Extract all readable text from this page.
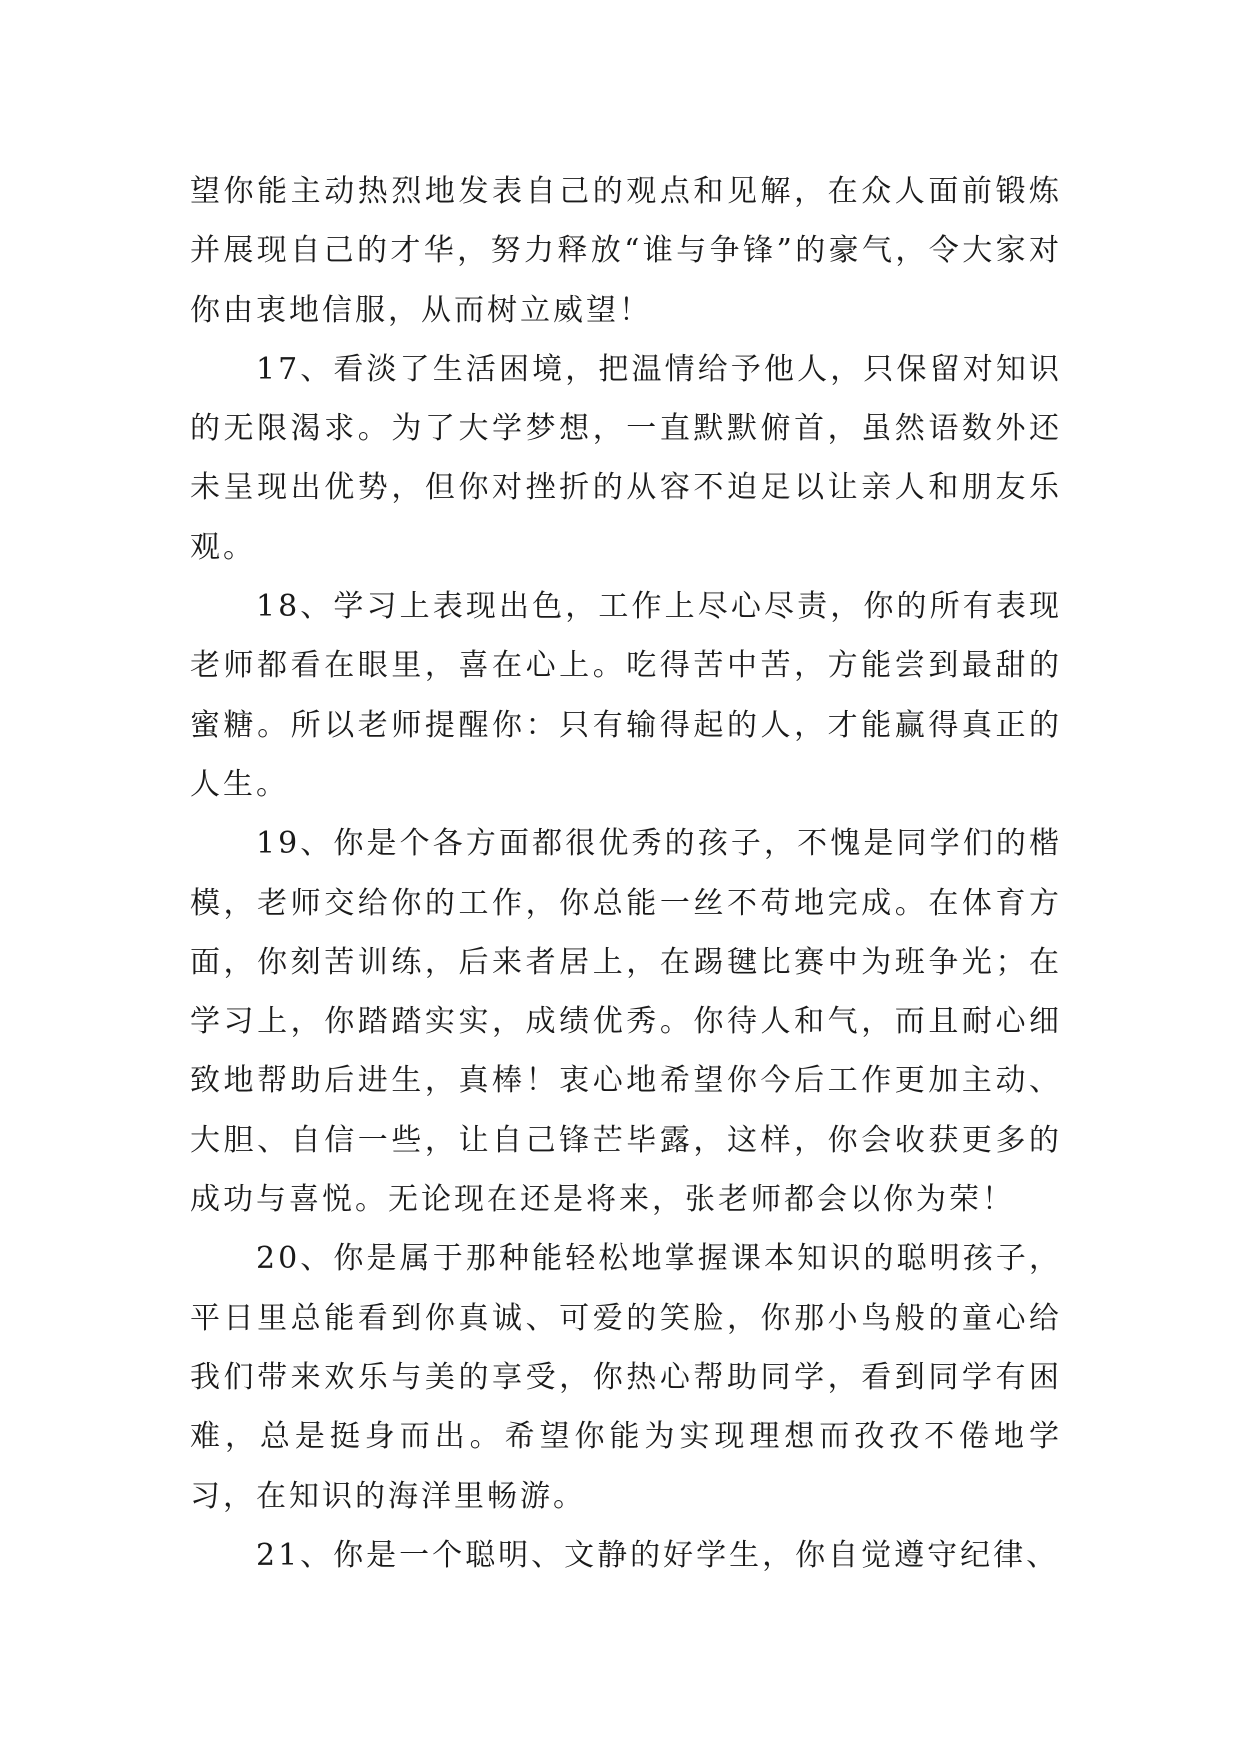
望你能主动热烈地发表自己的观点和见解，在众人面前锻炼并展现自己的才华，努力释放“谁与争锋”的豪气，令大家对你由衷地信服，从而树立威望！

17、看淡了生活困境，把温情给予他人，只保留对知识的无限渴求。为了大学梦想，一直默默俯首，虽然语数外还未呈现出优势，但你对挫折的从容不迫足以让亲人和朋友乐观。

18、学习上表现出色，工作上尽心尽责，你的所有表现老师都看在眼里，喜在心上。吃得苦中苦，方能尝到最甜的蜜糖。所以老师提醒你：只有输得起的人，才能赢得真正的人生。

19、你是个各方面都很优秀的孩子，不愧是同学们的楷模，老师交给你的工作，你总能一丝不苟地完成。在体育方面，你刻苦训练，后来者居上，在踢毽比赛中为班争光；在学习上，你踏踏实实，成绩优秀。你待人和气，而且耐心细致地帮助后进生，真棒！衷心地希望你今后工作更加主动、大胆、自信一些，让自己锋芒毕露，这样，你会收获更多的成功与喜悦。无论现在还是将来，张老师都会以你为荣！

20、你是属于那种能轻松地掌握课本知识的聪明孩子，平日里总能看到你真诚、可爱的笑脸，你那小鸟般的童心给我们带来欢乐与美的享受，你热心帮助同学，看到同学有困难，总是挺身而出。希望你能为实现理想而孜孜不倦地学习，在知识的海洋里畅游。

21、你是一个聪明、文静的好学生，你自觉遵守纪律、
